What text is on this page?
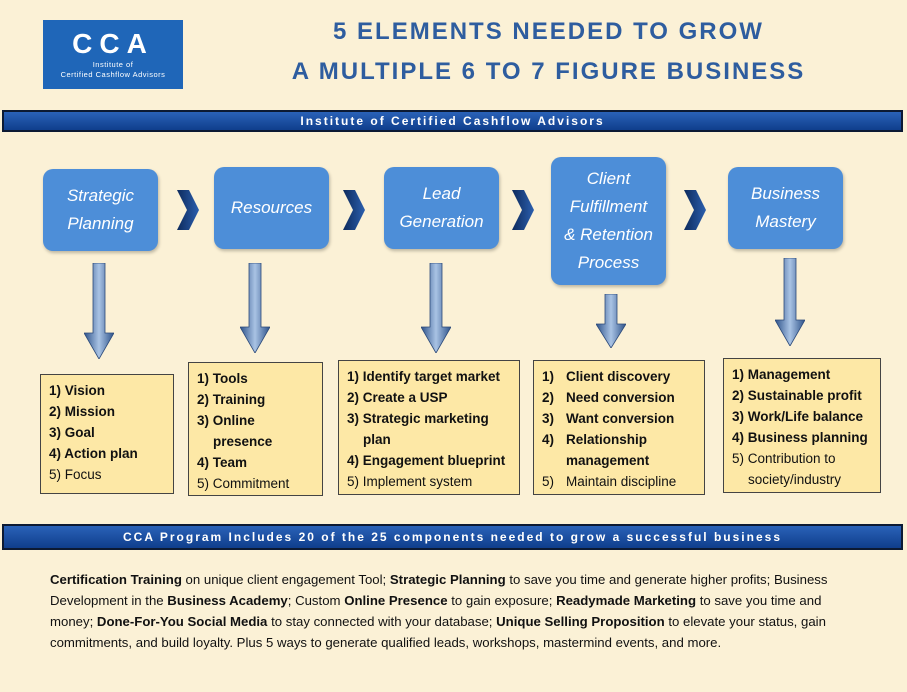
CCA
Institute of
Certified Cashflow Advisors
5 ELEMENTS NEEDED TO GROW
A MULTIPLE 6 TO 7 FIGURE BUSINESS
Institute of Certified Cashflow Advisors
Strategic
Planning
Resources
Lead
Generation
Client
Fulfillment
& Retention
Process
Business
Mastery
1) Vision
2) Mission
3) Goal
4) Action plan
5) Focus
1) Tools
2) Training
3) Online presence
4) Team
5) Commitment
1) Identify target market
2) Create a USP
3) Strategic marketing plan
4) Engagement blueprint
5) Implement system
1) Client discovery
2) Need conversion
3) Want conversion
4) Relationship management
5) Maintain discipline
1) Management
2) Sustainable profit
3) Work/Life balance
4) Business planning
5) Contribution to society/industry
CCA Program Includes 20 of the 25 components needed to grow a successful business
Certification Training on unique client engagement Tool; Strategic Planning to save you time and generate higher profits; Business Development in the Business Academy; Custom Online Presence to gain exposure; Readymade Marketing to save you time and money; Done-For-You Social Media to stay connected with your database; Unique Selling Proposition to elevate your status, gain commitments, and build loyalty. Plus 5 ways to generate qualified leads, workshops, mastermind events, and more.
